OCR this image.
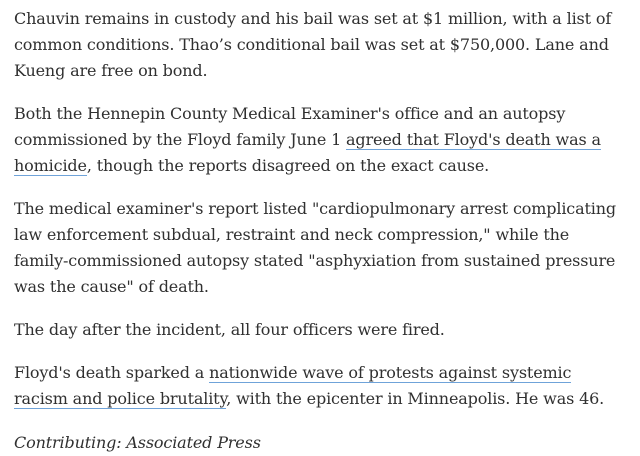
Chauvin remains in custody and his bail was set at $1 million, with a list of common conditions. Thao’s conditional bail was set at $750,000. Lane and Kueng are free on bond.

Both the Hennepin County Medical Examiner's office and an autopsy commissioned by the Floyd family June 1 agreed that Floyd's death was a homicide, though the reports disagreed on the exact cause.

The medical examiner's report listed "cardiopulmonary arrest complicating law enforcement subdual, restraint and neck compression," while the family-commissioned autopsy stated "asphyxiation from sustained pressure was the cause" of death.

The day after the incident, all four officers were fired.

Floyd's death sparked a nationwide wave of protests against systemic racism and police brutality, with the epicenter in Minneapolis. He was 46.

Contributing: Associated Press
